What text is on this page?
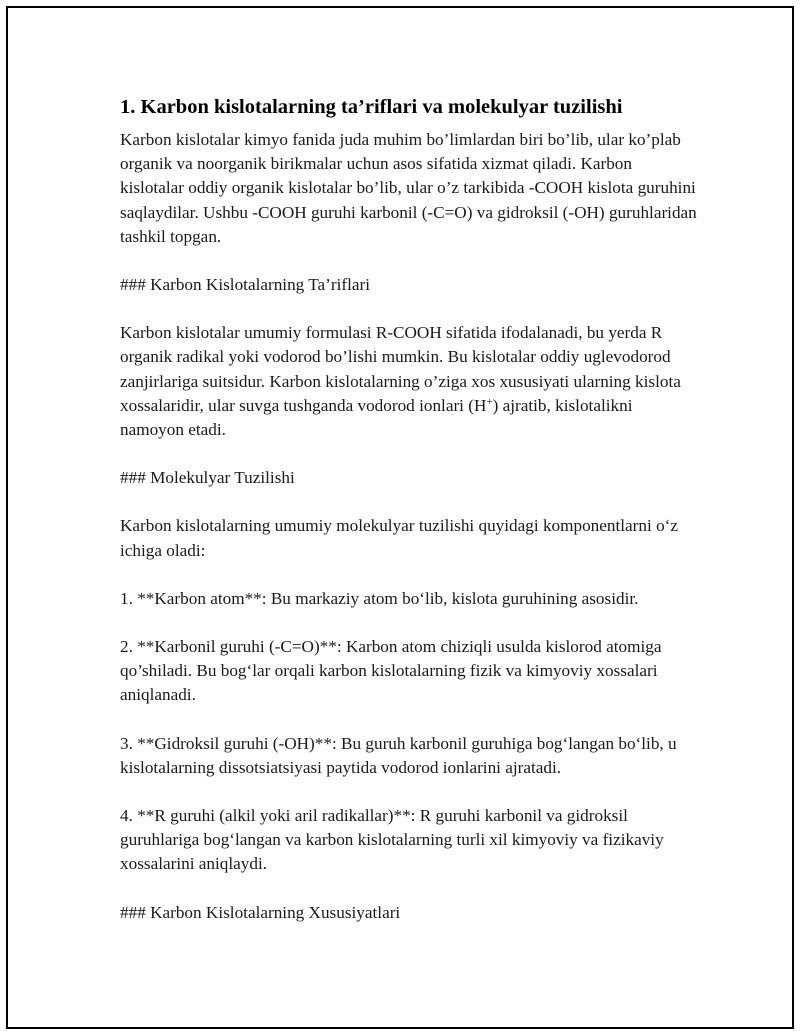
1. Karbon kislotalarning ta’riflari va molekulyar tuzilishi

Karbon kislotalar kimyo fanida juda muhim bo’limlardan biri bo’lib, ular ko’plab organik va noorganik birikmalar uchun asos sifatida xizmat qiladi. Karbon kislotalar oddiy organik kislotalar bo’lib, ular o’z tarkibida -COOH kislota guruhini saqlaydilar. Ushbu -COOH guruhi karbonil (-C=O) va gidroksil (-OH) guruhlaridan tashkil topgan.

### Karbon Kislotalarning Ta’riflari

Karbon kislotalar umumiy formulasi R-COOH sifatida ifodalanadi, bu yerda R organik radikal yoki vodorod bo’lishi mumkin. Bu kislotalar oddiy uglevodorod zanjirlariga suitsidur. Karbon kislotalarning o’ziga xos xususiyati ularning kislota xossalaridir, ular suvga tushganda vodorod ionlari (H+) ajratib, kislotalikni namoyon etadi.

### Molekulyar Tuzilishi

Karbon kislotalarning umumiy molekulyar tuzilishi quyidagi komponentlarni o‘z ichiga oladi:

1. **Karbon atom**: Bu markaziy atom bo‘lib, kislota guruhining asosidir.

2. **Karbonil guruhi (-C=O)**: Karbon atom chiziqli usulda kislorod atomiga qo’shiladi. Bu bog‘lar orqali karbon kislotalarning fizik va kimyoviy xossalari aniqlanadi.

3. **Gidroksil guruhi (-OH)**: Bu guruh karbonil guruhiga bog‘langan bo‘lib, u kislotalarning dissotsiatsiyasi paytida vodorod ionlarini ajratadi.

4. **R guruhi (alkil yoki aril radikallar)**: R guruhi karbonil va gidroksil guruhlariga bog‘langan va karbon kislotalarning turli xil kimyoviy va fizikaviy xossalarini aniqlaydi.

### Karbon Kislotalarning Xususiyatlari
